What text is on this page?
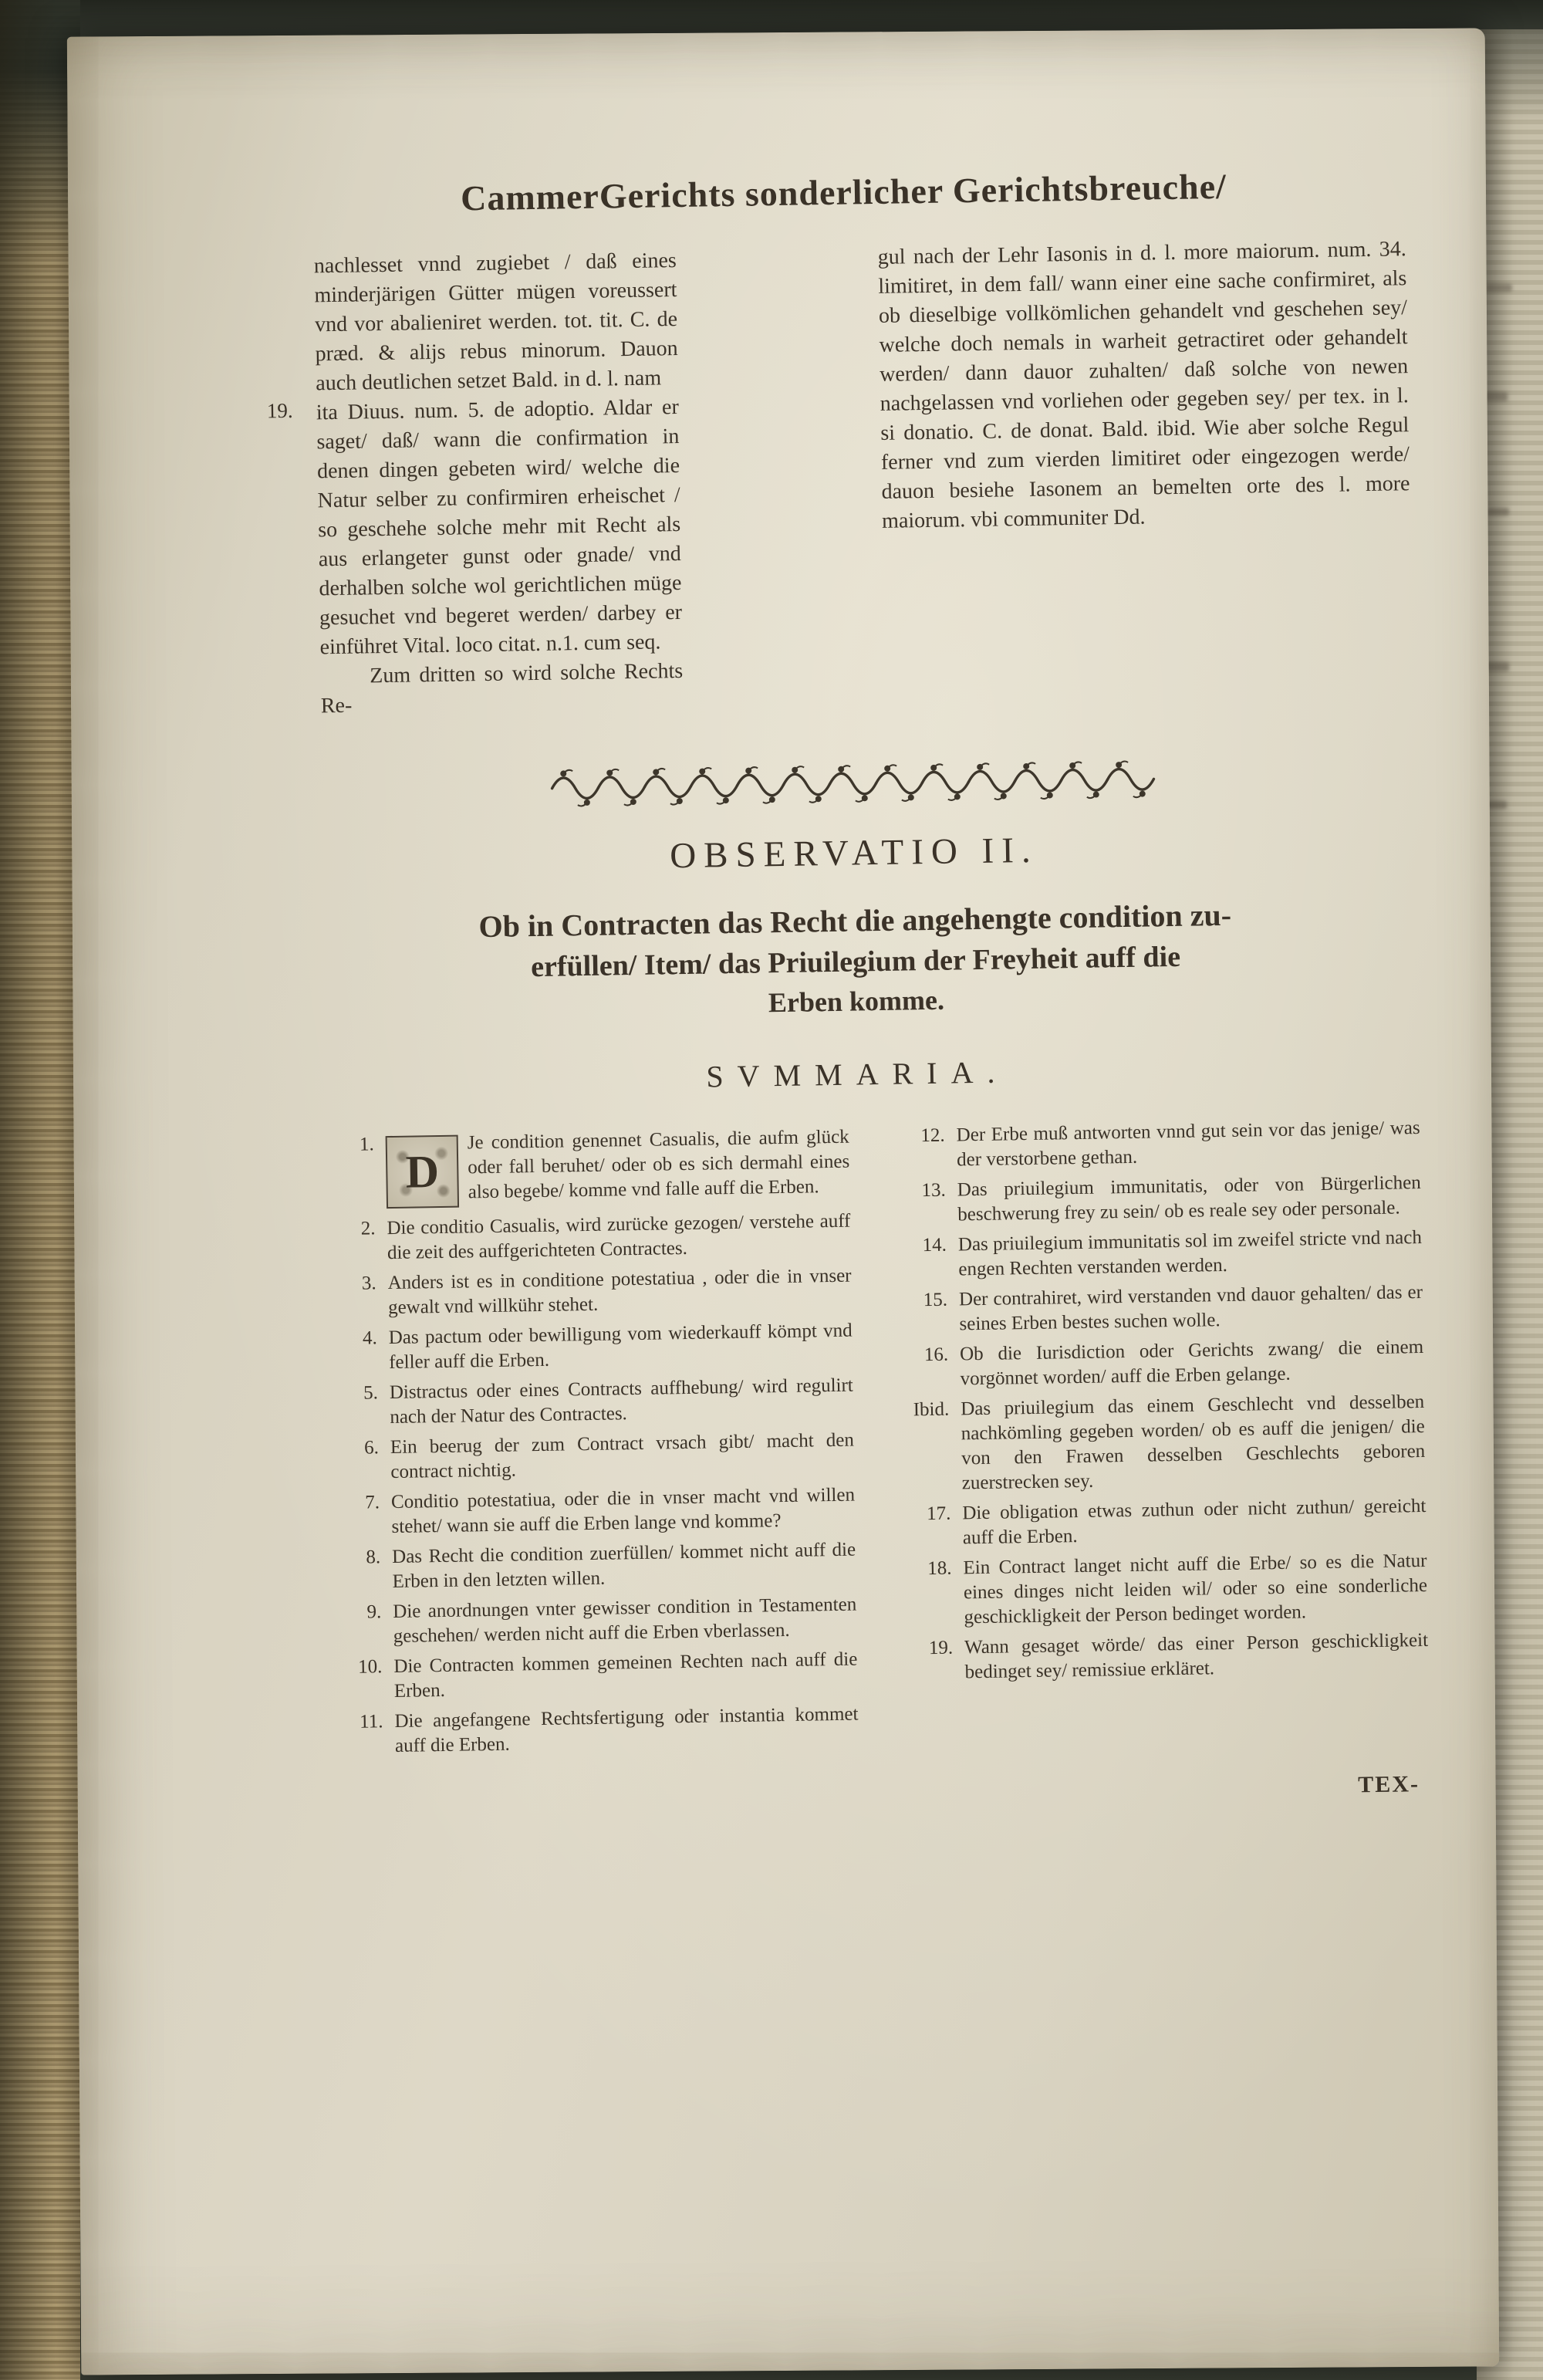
CammerGerichts sonderlicher Gerichtsbreuche/

nachlesset vnnd zugiebet / daß eines minderjärigen Gütter mügen voreussert vnd vor abalieniret werden. tot. tit. C. de præd. & alijs rebus minorum. Dauon auch deutlichen setzet Bald. in d. l. nam

19. ita Diuus. num. 5. de adoptio. Aldar er saget/ daß/ wann die confirmation in denen dingen gebeten wird/ welche die Natur selber zu confirmiren erheischet / so geschehe solche mehr mit Recht als aus erlangeter gunst oder gnade/ vnd derhalben solche wol gerichtlichen müge gesuchet vnd begeret werden/ darbey er einführet Vital. loco citat. n.1. cum seq.

Zum dritten so wird solche Rechts Re-

gul nach der Lehr Iasonis in d. l. more maiorum. num. 34. limitiret, in dem fall/ wann einer eine sache confirmiret, als ob dieselbige vollkömlichen gehandelt vnd geschehen sey/ welche doch nemals in warheit getractiret oder gehandelt werden/ dann dauor zuhalten/ daß solche von newen nachgelassen vnd vorliehen oder gegeben sey/ per tex. in l. si donatio. C. de donat. Bald. ibid. Wie aber solche Regul ferner vnd zum vierden limitiret oder eingezogen werde/ dauon besiehe Iasonem an bemelten orte des l. more maiorum. vbi communiter Dd.

OBSERVATIO II.
Ob in Contracten das Recht die angehengte condition zu-
erfüllen/ Item/ das Priuilegium der Freyheit auff die
Erben komme.
SVMMARIA.
1.
D
Je condition genennet Casualis, die aufm glück oder fall beruhet/ oder ob es sich dermahl eines also begebe/ komme vnd falle auff die Erben.
2. Die conditio Casualis, wird zurücke gezogen/ verstehe auff die zeit des auffgerichteten Contractes.
3. Anders ist es in conditione potestatiua , oder die in vnser gewalt vnd willkühr stehet.
4. Das pactum oder bewilligung vom wiederkauff kömpt vnd feller auff die Erben.
5. Distractus oder eines Contracts auffhebung/ wird regulirt nach der Natur des Contractes.
6. Ein beerug der zum Contract vrsach gibt/ macht den contract nichtig.
7. Conditio potestatiua, oder die in vnser macht vnd willen stehet/ wann sie auff die Erben lange vnd komme?
8. Das Recht die condition zuerfüllen/ kommet nicht auff die Erben in den letzten willen.
9. Die anordnungen vnter gewisser condition in Testamenten geschehen/ werden nicht auff die Erben vberlassen.
10. Die Contracten kommen gemeinen Rechten nach auff die Erben.
11. Die angefangene Rechtsfertigung oder instantia kommet auff die Erben.
12. Der Erbe muß antworten vnnd gut sein vor das jenige/ was der verstorbene gethan.
13. Das priuilegium immunitatis, oder von Bürgerlichen beschwerung frey zu sein/ ob es reale sey oder personale.
14. Das priuilegium immunitatis sol im zweifel stricte vnd nach engen Rechten verstanden werden.
15. Der contrahiret, wird verstanden vnd dauor gehalten/ das er seines Erben bestes suchen wolle.
16. Ob die Iurisdiction oder Gerichts zwang/ die einem vorgönnet worden/ auff die Erben gelange.
Ibid. Das priuilegium das einem Geschlecht vnd desselben nachkömling gegeben worden/ ob es auff die jenigen/ die von den Frawen desselben Geschlechts geboren zuerstrecken sey.
17. Die obligation etwas zuthun oder nicht zuthun/ gereicht auff die Erben.
18. Ein Contract langet nicht auff die Erbe/ so es die Natur eines dinges nicht leiden wil/ oder so eine sonderliche geschickligkeit der Person bedinget worden.
19. Wann gesaget wörde/ das einer Person geschickligkeit bedinget sey/ remissiue erkläret.
TEX-
